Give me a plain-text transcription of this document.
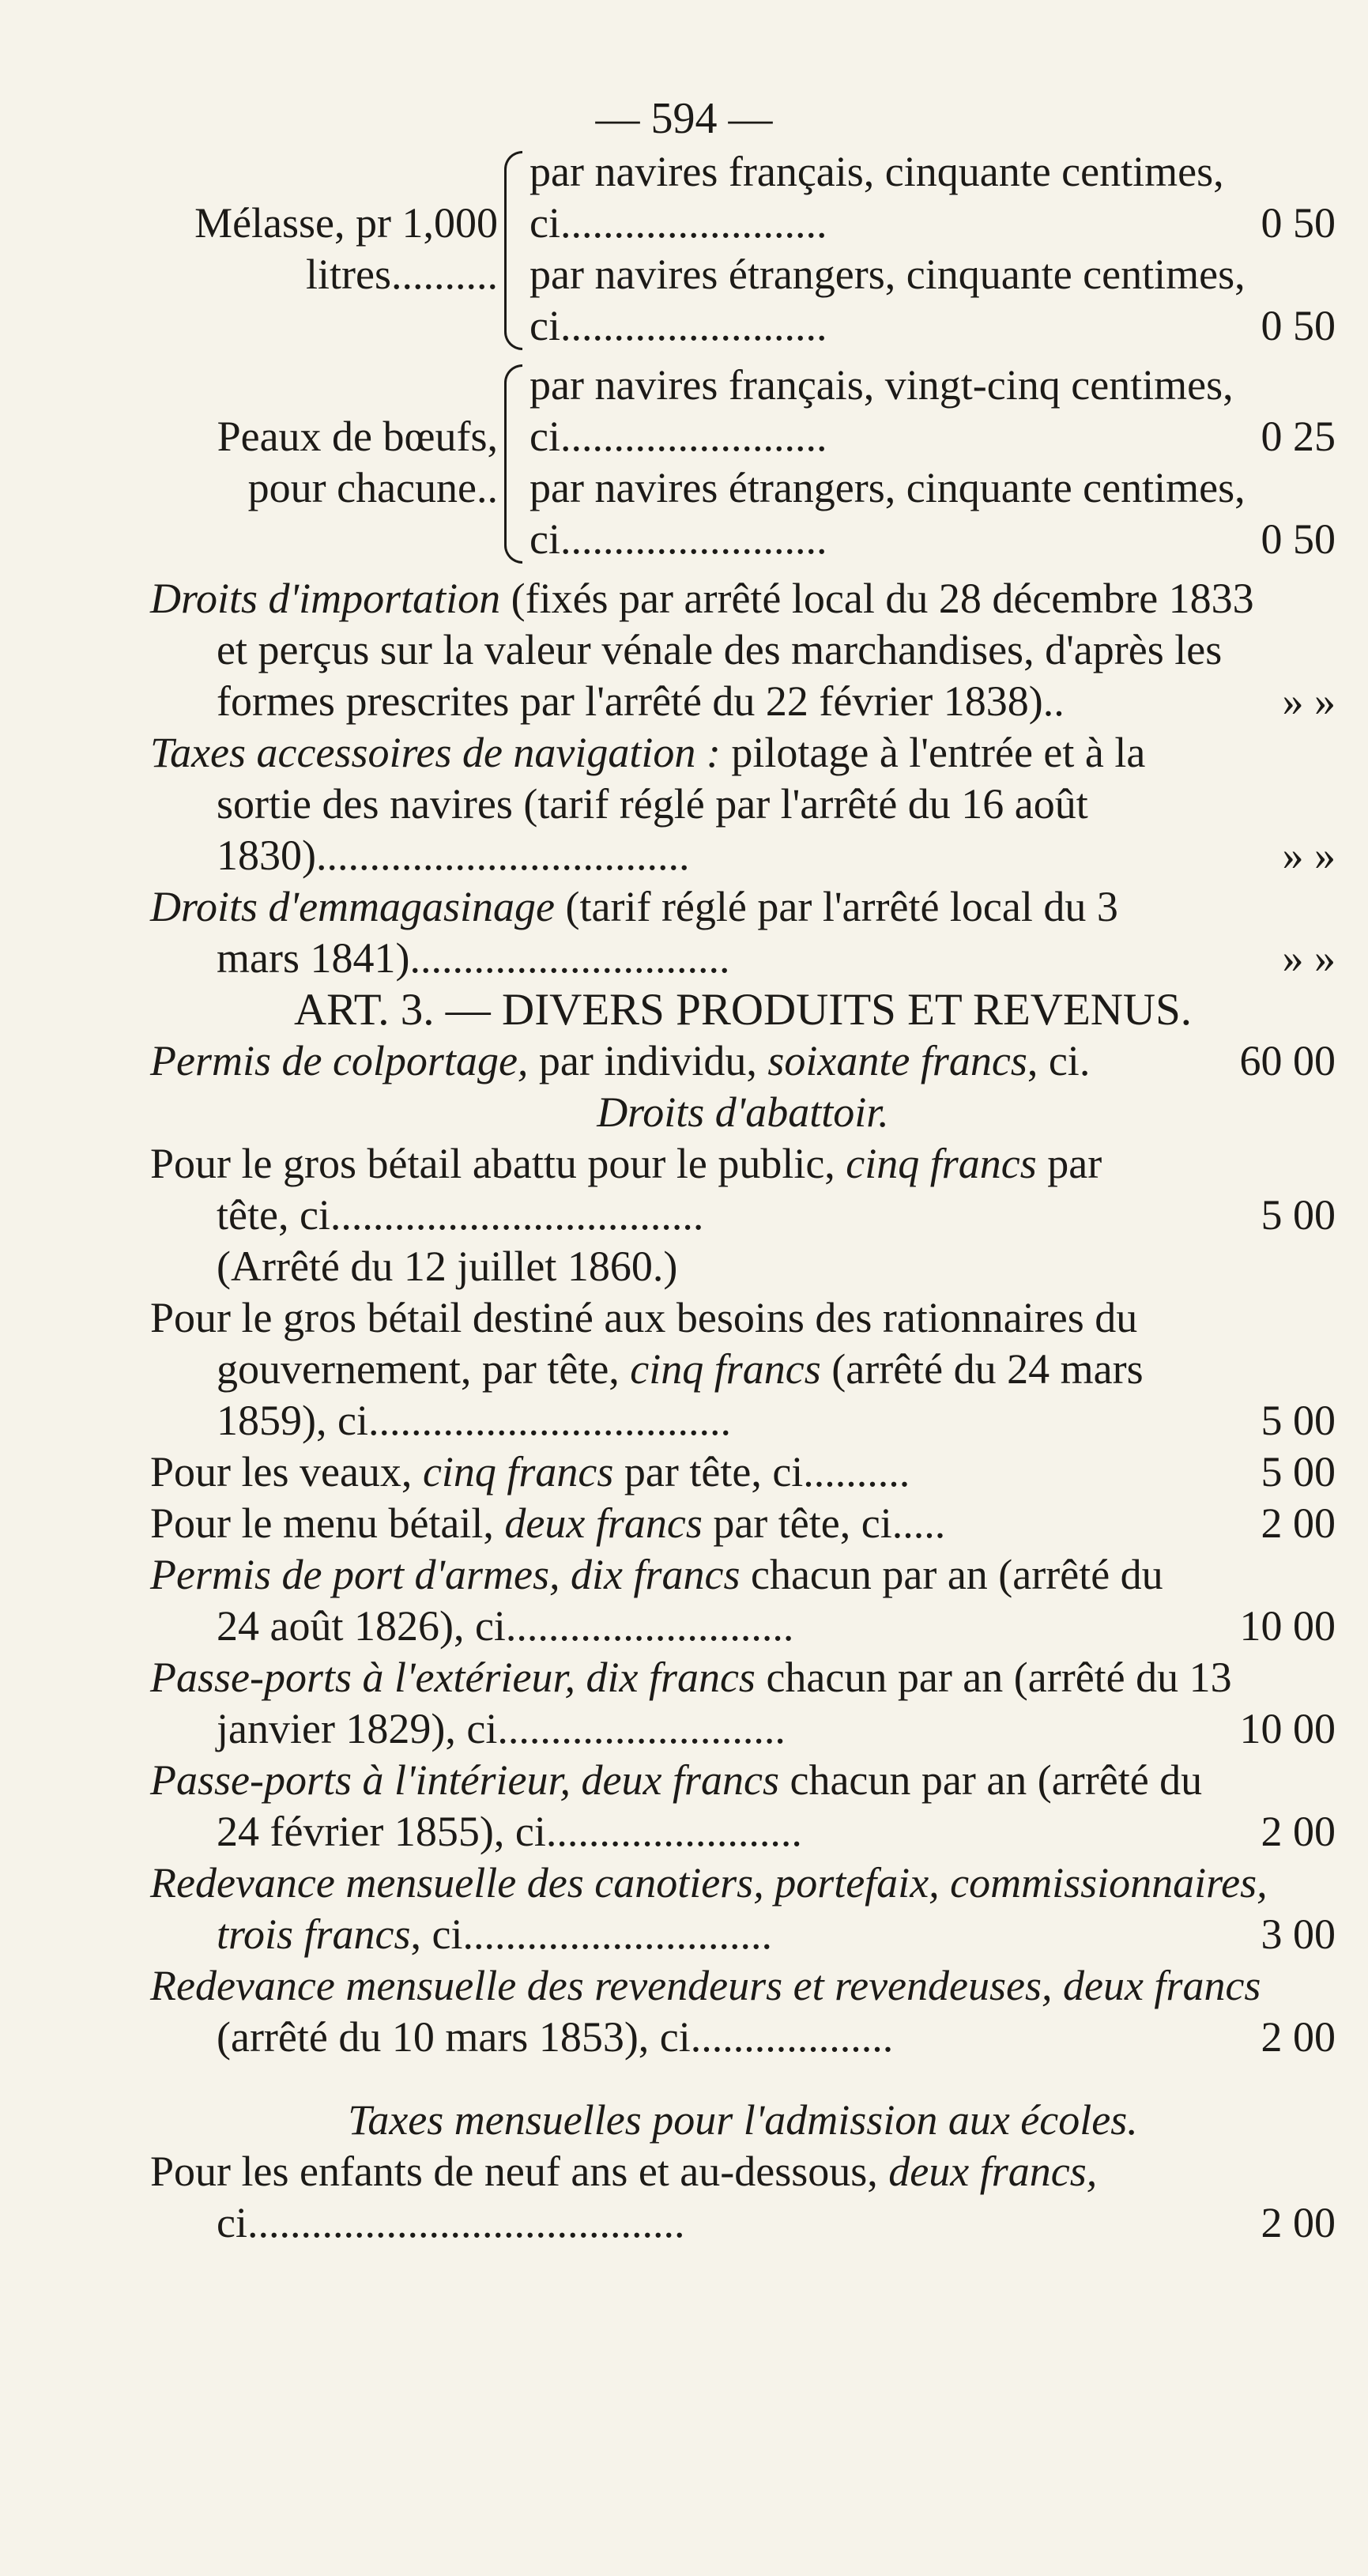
— 594 —
Mélasse, pr 1,000
litres..........
par navires français, cinquante centimes,
ci.........................	0 50
par navires étrangers, cinquante centimes,
ci.........................	0 50
Peaux de bœufs,
pour chacune..
par navires français, vingt-cinq centimes,
ci.........................	0 25
par navires étrangers, cinquante centimes,
ci.........................	0 50
Droits d'importation (fixés par arrêté local du 28 décembre 1833
et perçus sur la valeur vénale des marchandises, d'après les
formes prescrites par l'arrêté du 22 février 1838)..	» »
Taxes accessoires de navigation : pilotage à l'entrée et à la
sortie des navires (tarif réglé par l'arrêté du 16 août
1830)...................................	» »
Droits d'emmagasinage (tarif réglé par l'arrêté local du 3
mars 1841)..............................	» »
ART. 3. — DIVERS PRODUITS ET REVENUS.
Permis de colportage, par individu, soixante francs, ci.	60 00
Droits d'abattoir.
Pour le gros bétail abattu pour le public, cinq francs par
tête, ci...................................	5 00
(Arrêté du 12 juillet 1860.)
Pour le gros bétail destiné aux besoins des rationnaires du
gouvernement, par tête, cinq francs (arrêté du 24 mars
1859), ci..................................	5 00
Pour les veaux, cinq francs par tête, ci..........	5 00
Pour le menu bétail, deux francs par tête, ci.....	2 00
Permis de port d'armes, dix francs chacun par an (arrêté du
24 août 1826), ci...........................	10 00
Passe-ports à l'extérieur, dix francs chacun par an (arrêté du 13
janvier 1829), ci...........................	10 00
Passe-ports à l'intérieur, deux francs chacun par an (arrêté du
24 février 1855), ci........................	2 00
Redevance mensuelle des canotiers, portefaix, commissionnaires,
trois francs, ci.............................	3 00
Redevance mensuelle des revendeurs et revendeuses, deux francs
(arrêté du 10 mars 1853), ci...................	2 00
Taxes mensuelles pour l'admission aux écoles.
Pour les enfants de neuf ans et au-dessous, deux francs,
ci.........................................	2 00
